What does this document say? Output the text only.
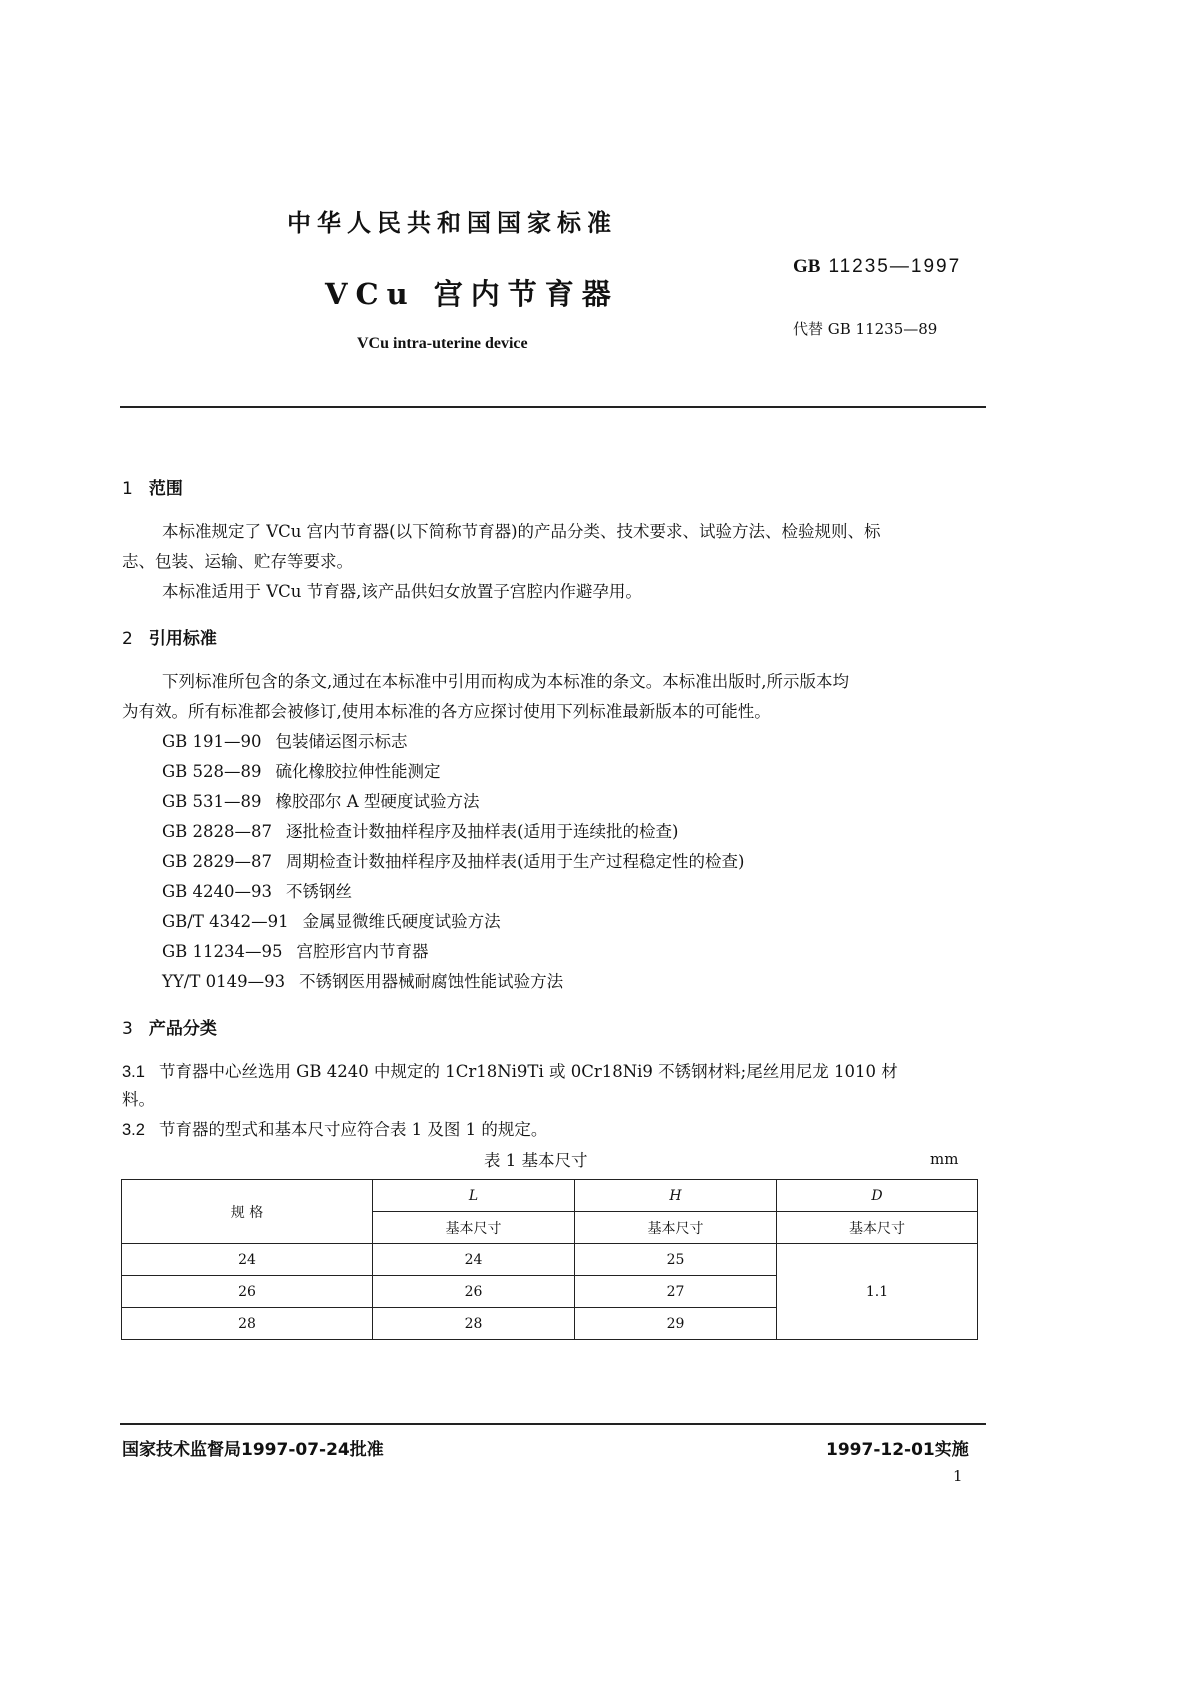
中华人民共和国国家标准
VCu 宫内节育器
VCu intra-uterine device
GB 11235—1997
代替 GB 11235—89
1 范围
本标准规定了 VCu 宫内节育器(以下简称节育器)的产品分类、技术要求、试验方法、检验规则、标
志、包装、运输、贮存等要求。
本标准适用于 VCu 节育器,该产品供妇女放置子宫腔内作避孕用。
2 引用标准
下列标准所包含的条文,通过在本标准中引用而构成为本标准的条文。本标准出版时,所示版本均
为有效。所有标准都会被修订,使用本标准的各方应探讨使用下列标准最新版本的可能性。
GB 191—90 包装储运图示标志
GB 528—89 硫化橡胶拉伸性能测定
GB 531—89 橡胶邵尔 A 型硬度试验方法
GB 2828—87 逐批检查计数抽样程序及抽样表(适用于连续批的检查)
GB 2829—87 周期检查计数抽样程序及抽样表(适用于生产过程稳定性的检查)
GB 4240—93 不锈钢丝
GB/T 4342—91 金属显微维氏硬度试验方法
GB 11234—95 宫腔形宫内节育器
YY/T 0149—93 不锈钢医用器械耐腐蚀性能试验方法
3 产品分类
3.1 节育器中心丝选用 GB 4240 中规定的 1Cr18Ni9Ti 或 0Cr18Ni9 不锈钢材料;尾丝用尼龙 1010 材
料。
3.2 节育器的型式和基本尺寸应符合表 1 及图 1 的规定。
表 1 基本尺寸	mm
规 格	L	H	D
	基本尺寸	基本尺寸	基本尺寸
24	24	25	1.1
26	26	27	
28	28	29	
国家技术监督局1997-07-24批准	1997-12-01实施
1
